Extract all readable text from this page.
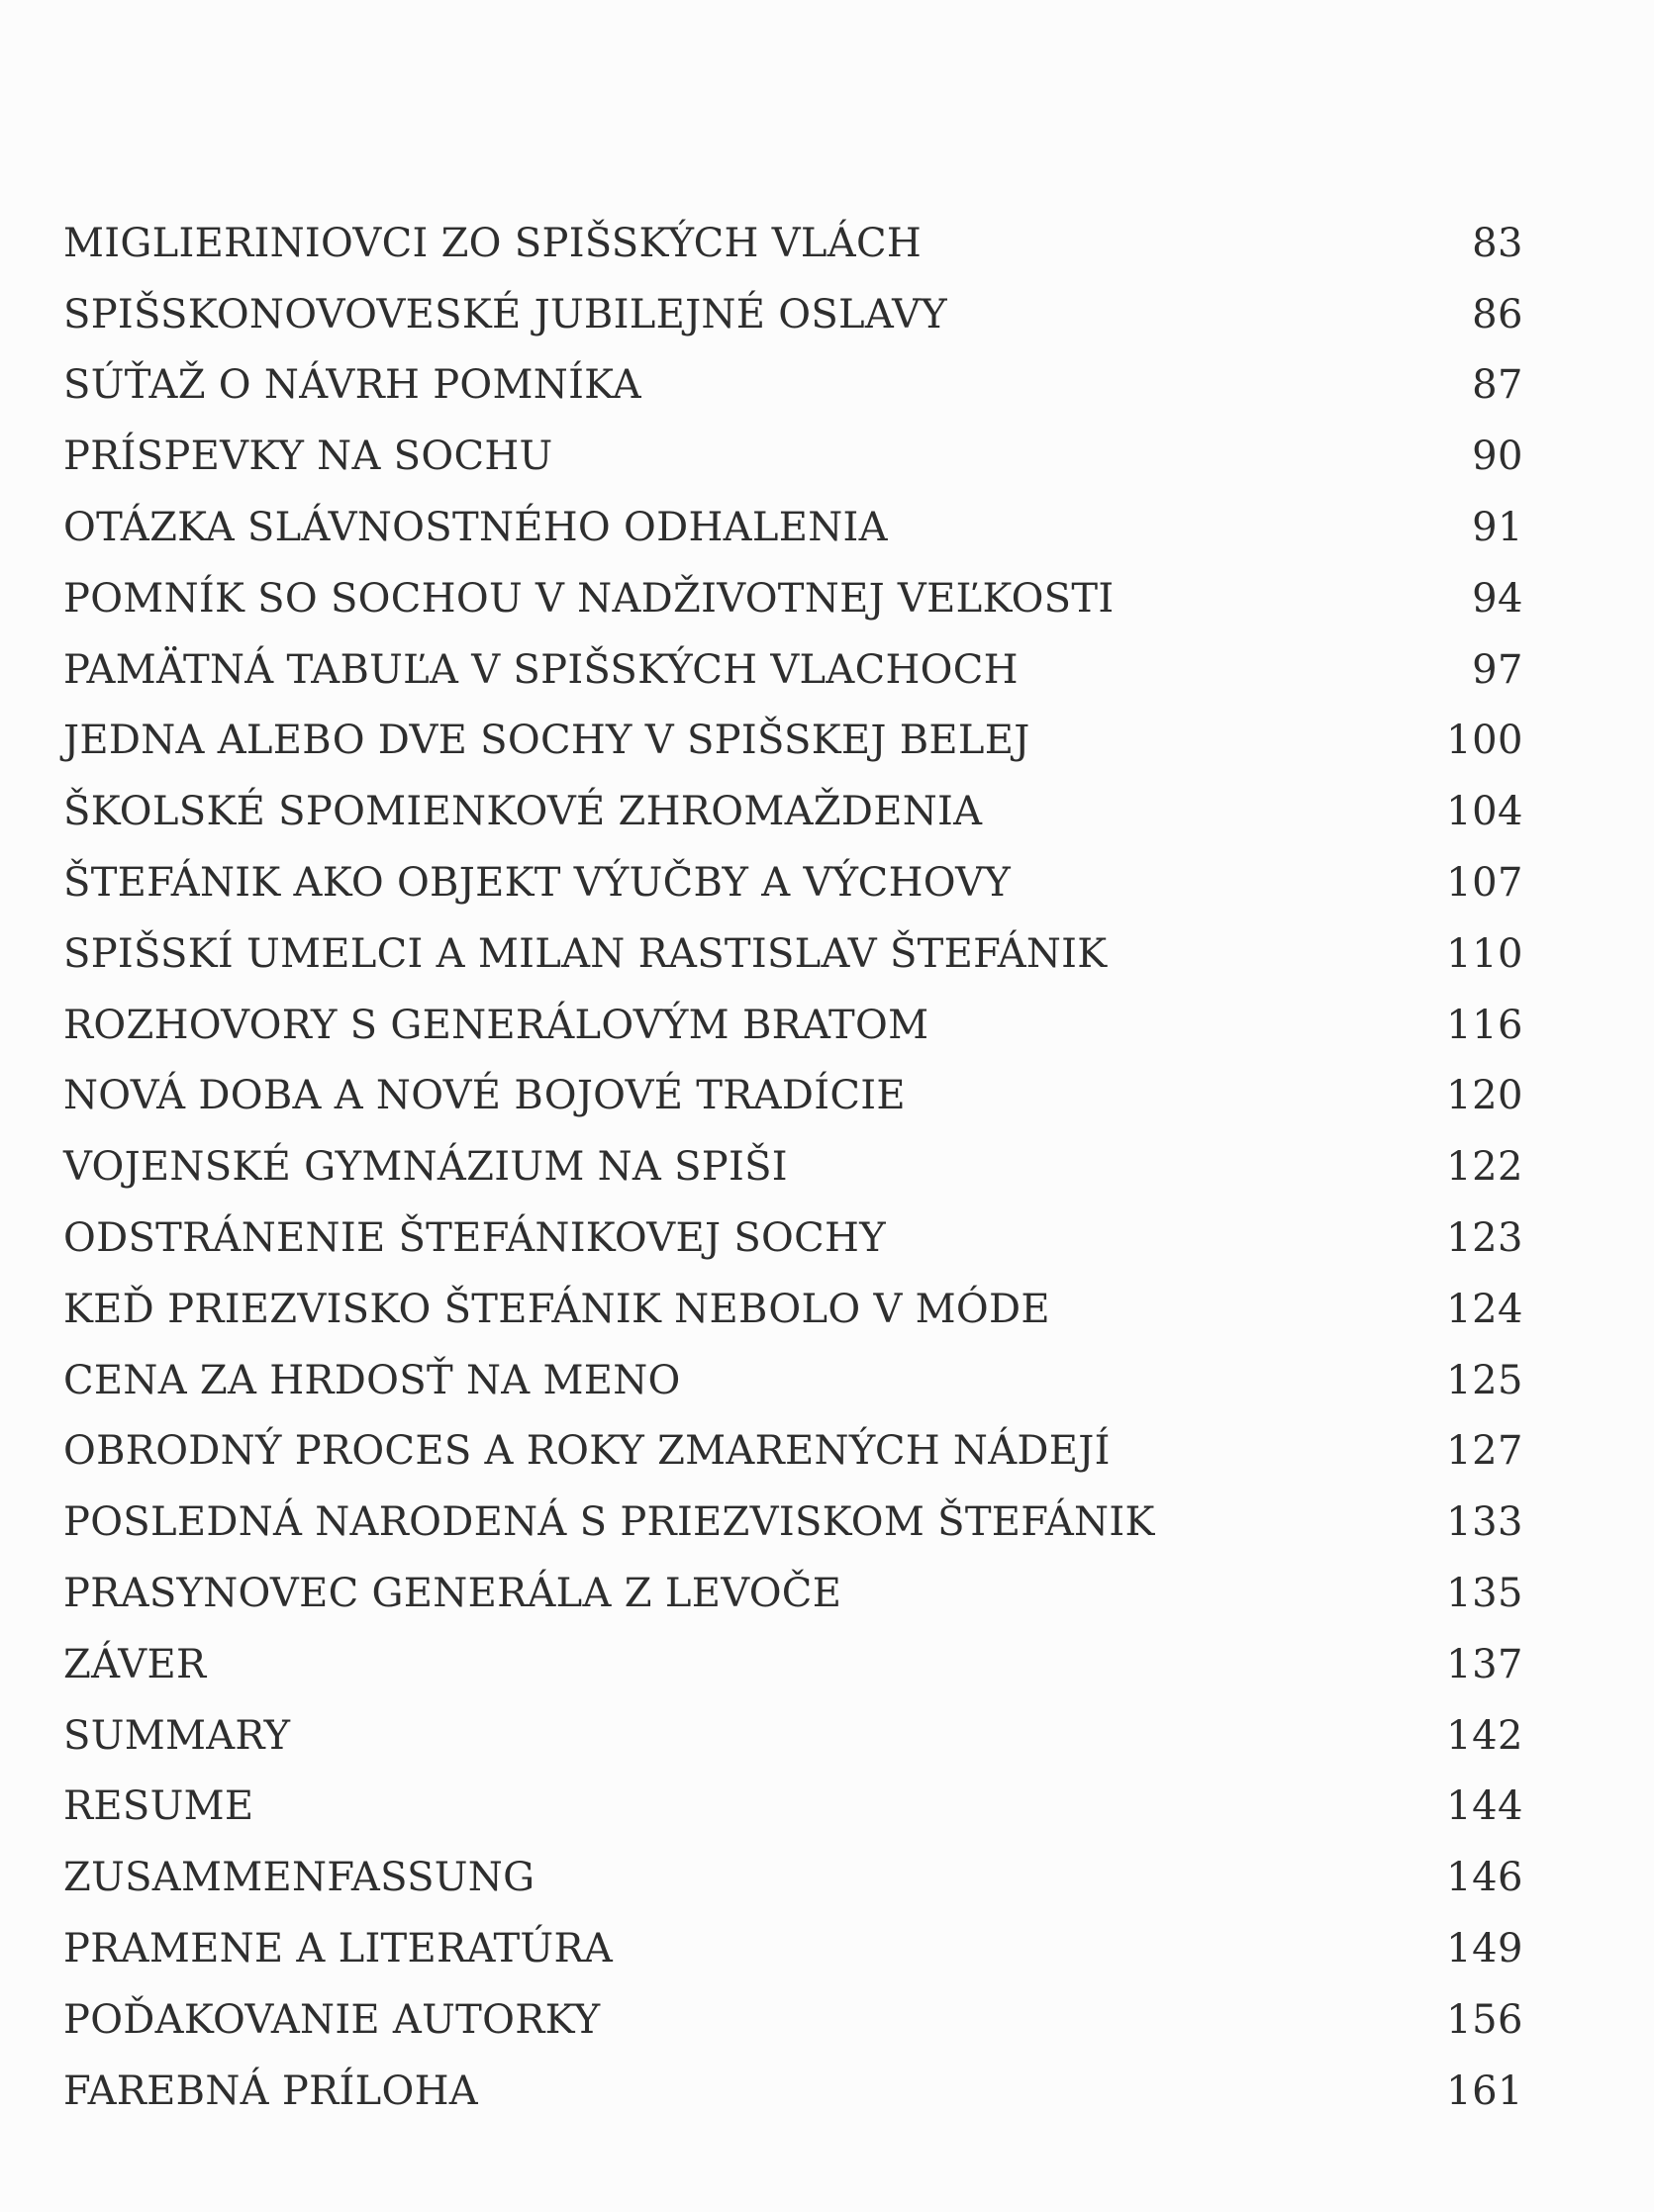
MIGLIERINIOVCI ZO SPIŠSKÝCH VLÁCH	83
SPIŠSKONOVOVESKÉ JUBILEJNÉ OSLAVY	86
SÚŤAŽ O NÁVRH POMNÍKA	87
PRÍSPEVKY NA SOCHU	90
OTÁZKA SLÁVNOSTNÉHO ODHALENIA	91
POMNÍK SO SOCHOU V NADŽIVOTNEJ VEĽKOSTI	94
PAMÄTNÁ TABUĽA V SPIŠSKÝCH VLACHOCH	97
JEDNA ALEBO DVE SOCHY V SPIŠSKEJ BELEJ	100
ŠKOLSKÉ SPOMIENKOVÉ ZHROMAŽDENIA	104
ŠTEFÁNIK AKO OBJEKT VÝUČBY A VÝCHOVY	107
SPIŠSKÍ UMELCI A MILAN RASTISLAV ŠTEFÁNIK	110
ROZHOVORY S GENERÁLOVÝM BRATOM	116
NOVÁ DOBA A NOVÉ BOJOVÉ TRADÍCIE	120
VOJENSKÉ GYMNÁZIUM NA SPIŠI	122
ODSTRÁNENIE ŠTEFÁNIKOVEJ SOCHY	123
KEĎ PRIEZVISKO ŠTEFÁNIK NEBOLO V MÓDE	124
CENA ZA HRDOSŤ NA MENO	125
OBRODNÝ PROCES A ROKY ZMARENÝCH NÁDEJÍ	127
POSLEDNÁ NARODENÁ S PRIEZVISKOM ŠTEFÁNIK	133
PRASYNOVEC GENERÁLA Z LEVOČE	135
ZÁVER	137
SUMMARY	142
RESUME	144
ZUSAMMENFASSUNG	146
PRAMENE A LITERATÚRA	149
POĎAKOVANIE AUTORKY	156
FAREBNÁ PRÍLOHA	161
